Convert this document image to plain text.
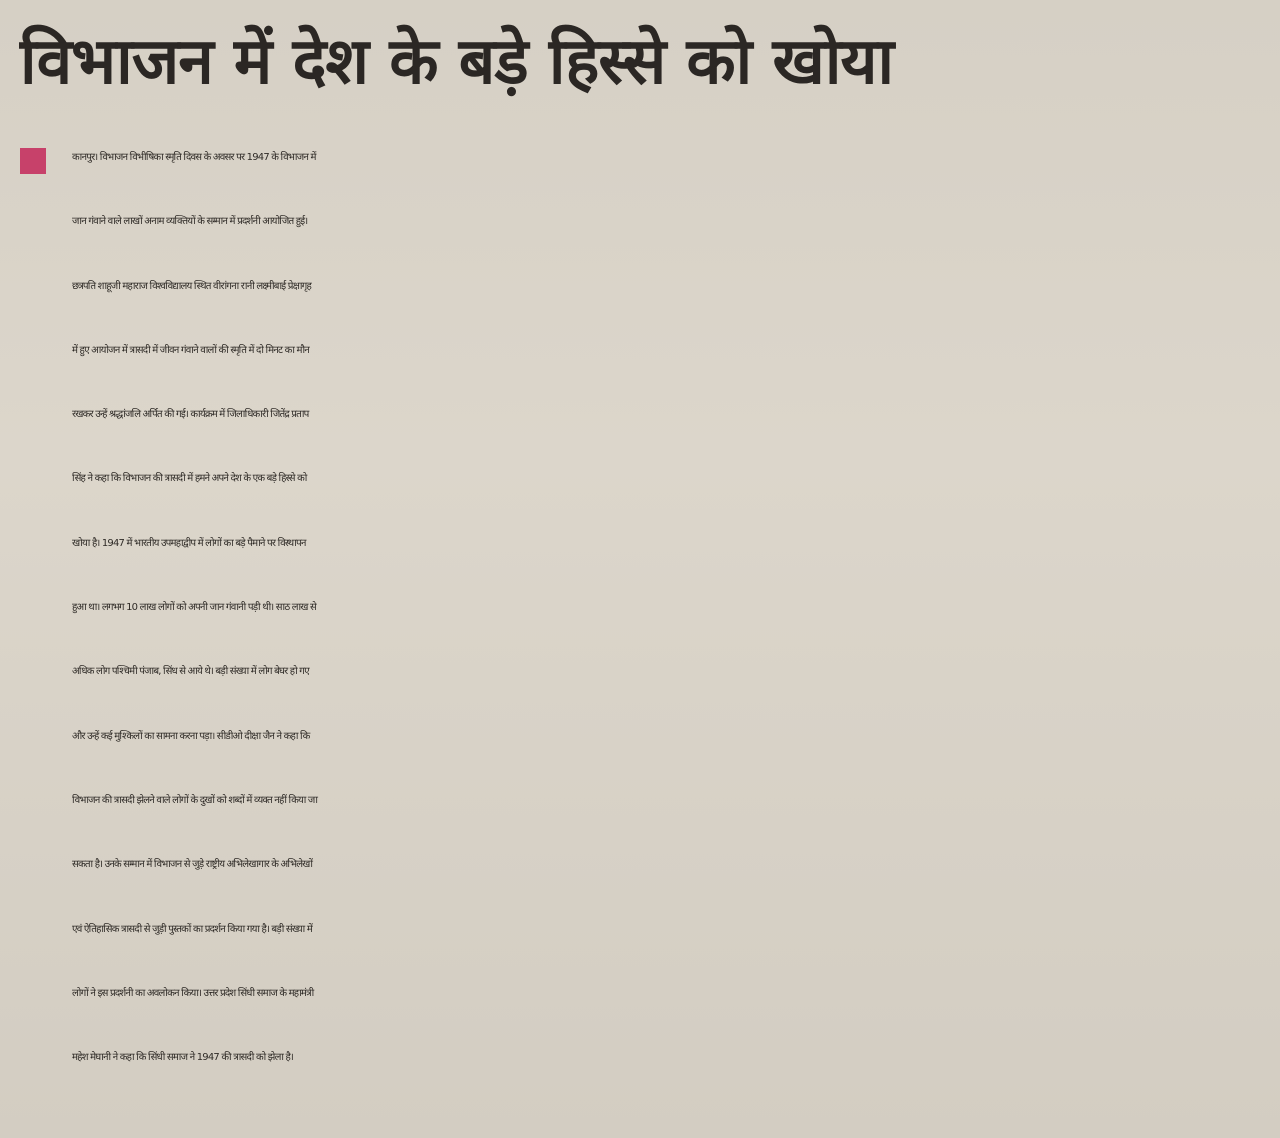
विभाजन में देश के बड़े हिस्से को खोया
कानपुर। विभाजन विभीषिका स्मृति दिवस के अवसर पर 1947 के विभाजन में
जान गंवाने वाले लाखों अनाम व्यक्तियों के सम्मान में प्रदर्शनी आयोजित हुई।
छत्रपति शाहूजी महाराज विश्वविद्यालय स्थित वीरांगना रानी लक्ष्मीबाई प्रेक्षागृह
में हुए आयोजन में त्रासदी में जीवन गंवाने वालों की स्मृति में दो मिनट का मौन
रखकर उन्हें श्रद्धांजलि अर्पित की गई। कार्यक्रम में जिलाधिकारी जितेंद्र प्रताप
सिंह ने कहा कि विभाजन की त्रासदी में हमने अपने देश के एक बड़े हिस्से को
खोया है। 1947 में भारतीय उपमहाद्वीप में लोगों का बड़े पैमाने पर विस्थापन
हुआ था। लगभग 10 लाख लोगों को अपनी जान गंवानी पड़ी थी। साठ लाख से
अधिक लोग पश्चिमी पंजाब, सिंध से आये थे। बड़ी संख्या में लोग बेघर हो गए
और उन्हें कई मुश्किलों का सामना करना पड़ा। सीडीओ दीक्षा जैन ने कहा कि
विभाजन की त्रासदी झेलने वाले लोगों के दुखों को शब्दों में व्यक्त नहीं किया जा
सकता है। उनके सम्मान में विभाजन से जुड़े राष्ट्रीय अभिलेखागार के अभिलेखों
एवं ऐतिहासिक त्रासदी से जुड़ी पुस्तकों का प्रदर्शन किया गया है। बड़ी संख्या में
लोगों ने इस प्रदर्शनी का अवलोकन किया। उत्तर प्रदेश सिंधी समाज के महामंत्री
महेश मेघानी ने कहा कि सिंधी समाज ने 1947 की त्रासदी को झेला है।
